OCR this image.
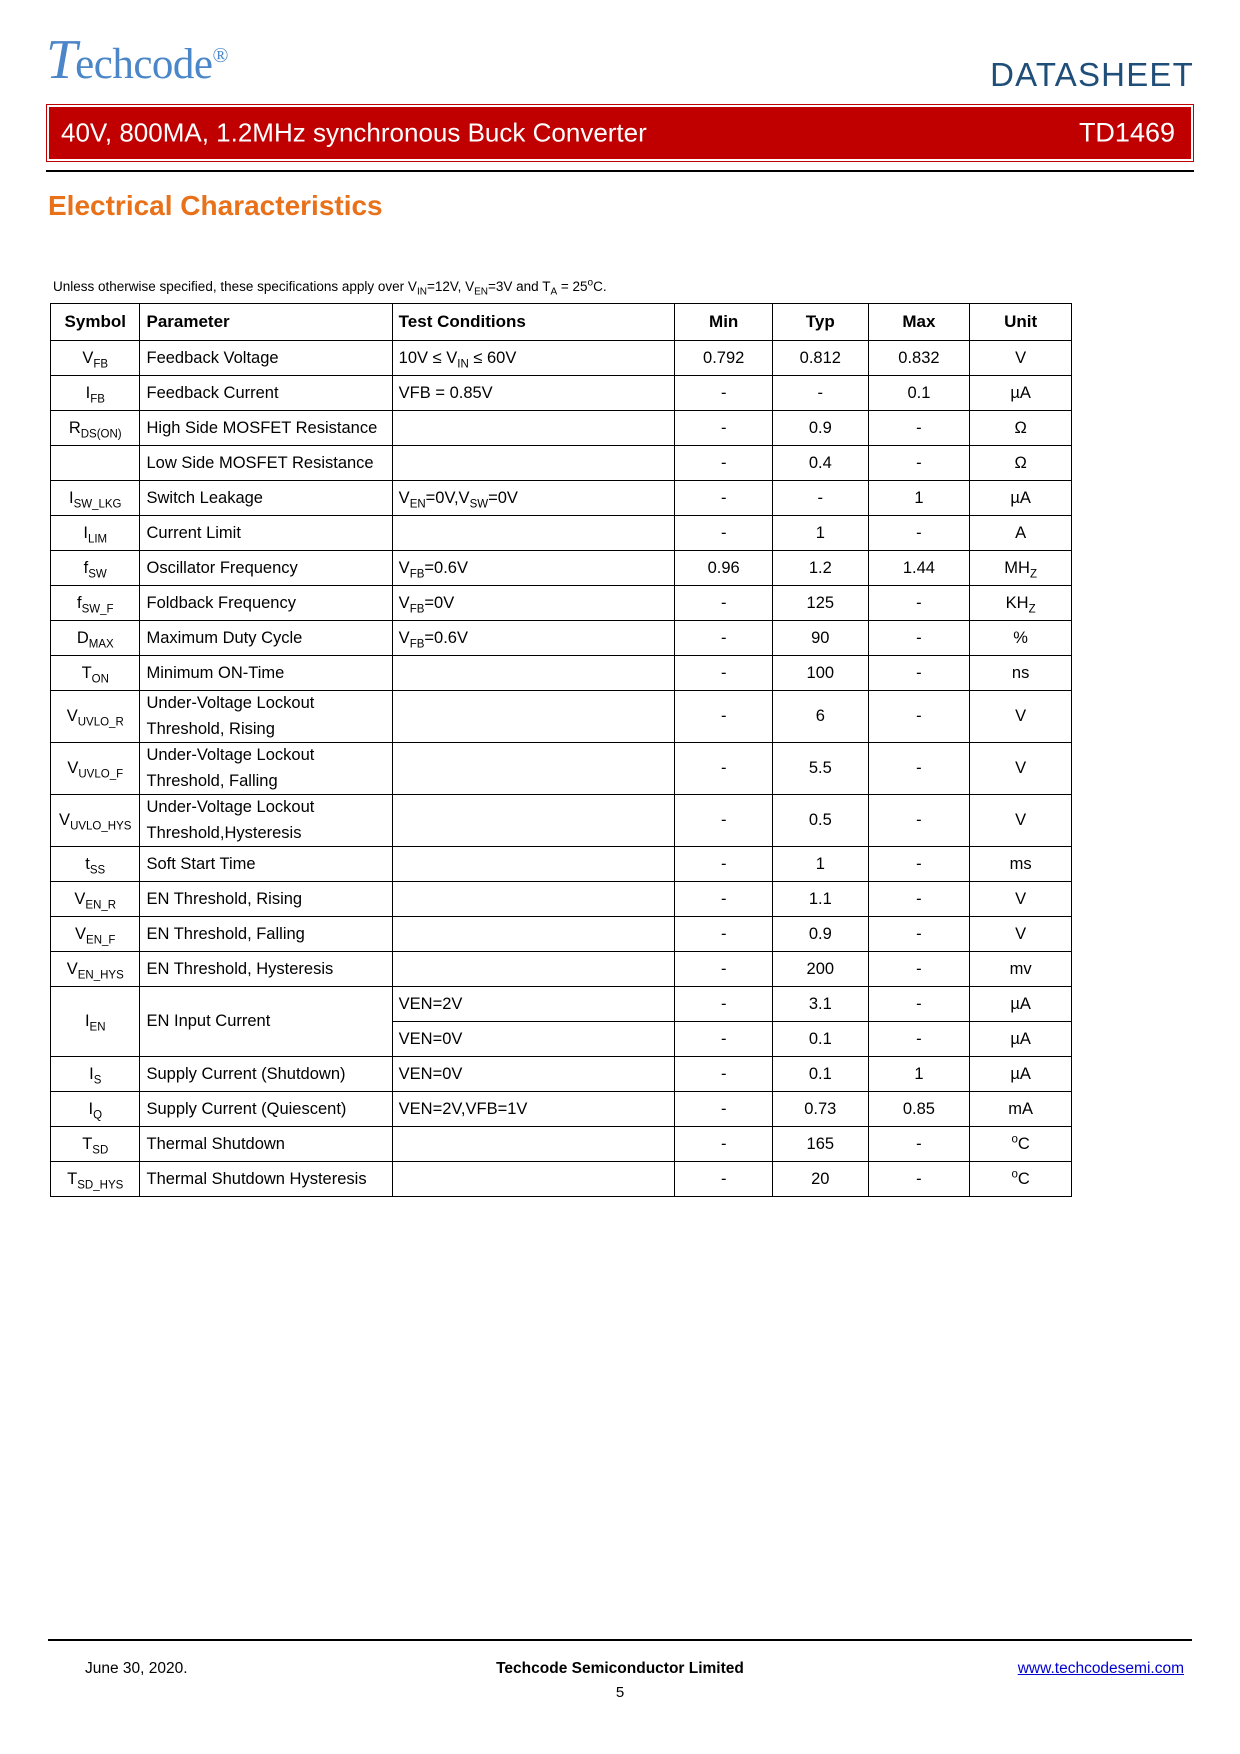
Techcode®
DATASHEET
40V, 800MA, 1.2MHz synchronous Buck Converter	TD1469
Electrical Characteristics
Unless otherwise specified, these specifications apply over $V_{IN}=12V$, $V_{EN}=3V$ and $T_A = 25^oC$.
Symbol	Parameter	Test Conditions	Min	Typ	Max	Unit
$V_{FB}$	Feedback Voltage	$10V \le V_{IN} \le 60V$	0.792	0.812	0.832	V
$I_{FB}$	Feedback Current	VFB = 0.85V	-	-	0.1	µA
$R_{DS(ON)}$	High Side MOSFET Resistance		-	0.9	-	Ω
	Low Side MOSFET Resistance		-	0.4	-	Ω
$I_{SW\_LKG}$	Switch Leakage	$V_{EN}=0V,V_{SW}=0V$	-	-	1	µA
$I_{LIM}$	Current Limit		-	1	-	A
$f_{SW}$	Oscillator Frequency	$V_{FB}=0.6V$	0.96	1.2	1.44	$MH_Z$
$f_{SW\_F}$	Foldback Frequency	$V_{FB}=0V$	-	125	-	$KH_Z$
$D_{MAX}$	Maximum Duty Cycle	$V_{FB}=0.6V$	-	90	-	%
$T_{ON}$	Minimum ON-Time		-	100	-	ns
$V_{UVLO\_R}$	Under-Voltage Lockout Threshold, Rising		-	6	-	V
$V_{UVLO\_F}$	Under-Voltage Lockout Threshold, Falling		-	5.5	-	V
$V_{UVLO\_HYS}$	Under-Voltage Lockout Threshold,Hysteresis		-	0.5	-	V
$t_{SS}$	Soft Start Time		-	1	-	ms
$V_{EN\_R}$	EN Threshold, Rising		-	1.1	-	V
$V_{EN\_F}$	EN Threshold, Falling		-	0.9	-	V
$V_{EN\_HYS}$	EN Threshold, Hysteresis		-	200	-	mv
$I_{EN}$	EN Input Current	VEN=2V	-	3.1	-	µA
		VEN=0V	-	0.1	-	µA
$I_S$	Supply Current (Shutdown)	VEN=0V	-	0.1	1	µA
$I_Q$	Supply Current (Quiescent)	VEN=2V,VFB=1V	-	0.73	0.85	mA
$T_{SD}$	Thermal Shutdown		-	165	-	$^o$C
$T_{SD\_HYS}$	Thermal Shutdown Hysteresis		-	20	-	$^o$C
June 30, 2020.	Techcode Semiconductor Limited
5
www.techcodesemi.com
